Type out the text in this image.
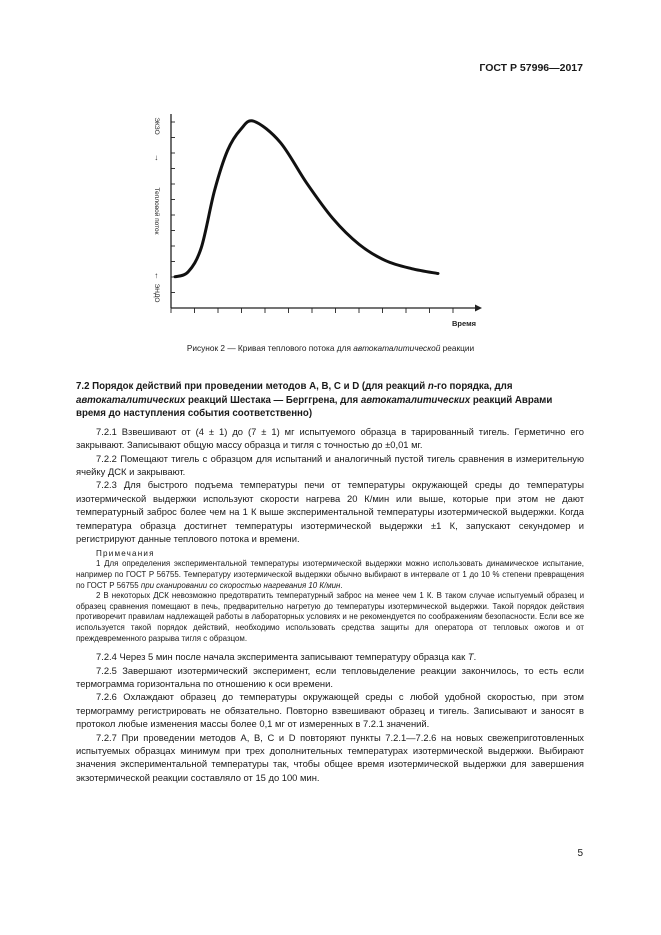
ГОСТ Р 57996—2017
Тепловой поток
ЭКЗО
→
←
ЭНДО
Время
Рисунок 2 — Кривая теплового потока для автокаталитической реакции
7.2 Порядок действий при проведении методов А, В, С и D (для реакций n-го порядка, для автокаталитических реакций Шестака — Берггрена, для автокаталитических реакций Аврами время до наступления события соответственно)

7.2.1 Взвешивают от (4 ± 1) до (7 ± 1) мг испытуемого образца в тарированный тигель. Герметично его закрывают. Записывают общую массу образца и тигля с точностью до ±0,01 мг.

7.2.2 Помещают тигель с образцом для испытаний и аналогичный пустой тигель сравнения в измерительную ячейку ДСК и закрывают.

7.2.3 Для быстрого подъема температуры печи от температуры окружающей среды до температуры изотермической выдержки используют скорости нагрева 20 К/мин или выше, которые при этом не дают температурный заброс более чем на 1 К выше экспериментальной температуры изотермической выдержки. Когда температура образца достигнет температуры изотермической выдержки ±1 К, запускают секундомер и регистрируют данные теплового потока и времени.

Примечания

1 Для определения экспериментальной температуры изотермической выдержки можно использовать динамическое испытание, например по ГОСТ Р 56755. Температуру изотермической выдержки обычно выбирают в интервале от 1 до 10 % степени превращения по ГОСТ Р 56755 при сканировании со скоростью нагревания 10 К/мин.

2 В некоторых ДСК невозможно предотвратить температурный заброс на менее чем 1 К. В таком случае испытуемый образец и образец сравнения помещают в печь, предварительно нагретую до температуры изотермической выдержки. Такой порядок действия противоречит правилам надлежащей работы в лабораторных условиях и не рекомендуется по соображениям безопасности. Если все же используется такой порядок действий, необходимо использовать средства защиты для оператора от тепловых ожогов и от преждевременного разрыва тигля с образцом.

7.2.4 Через 5 мин после начала эксперимента записывают температуру образца как T.

7.2.5 Завершают изотермический эксперимент, если тепловыделение реакции закончилось, то есть если термограмма горизонтальна по отношению к оси времени.

7.2.6 Охлаждают образец до температуры окружающей среды с любой удобной скоростью, при этом термограмму регистрировать не обязательно. Повторно взвешивают образец и тигель. Записывают и заносят в протокол любые изменения массы более 0,1 мг от измеренных в 7.2.1 значений.

7.2.7 При проведении методов А, В, С и D повторяют пункты 7.2.1—7.2.6 на новых свежеприготовленных испытуемых образцах минимум при трех дополнительных температурах изотермической выдержки. Выбирают значения экспериментальной температуры так, чтобы общее время изотермической выдержки для завершения экзотермической реакции составляло от 15 до 100 мин.

5
